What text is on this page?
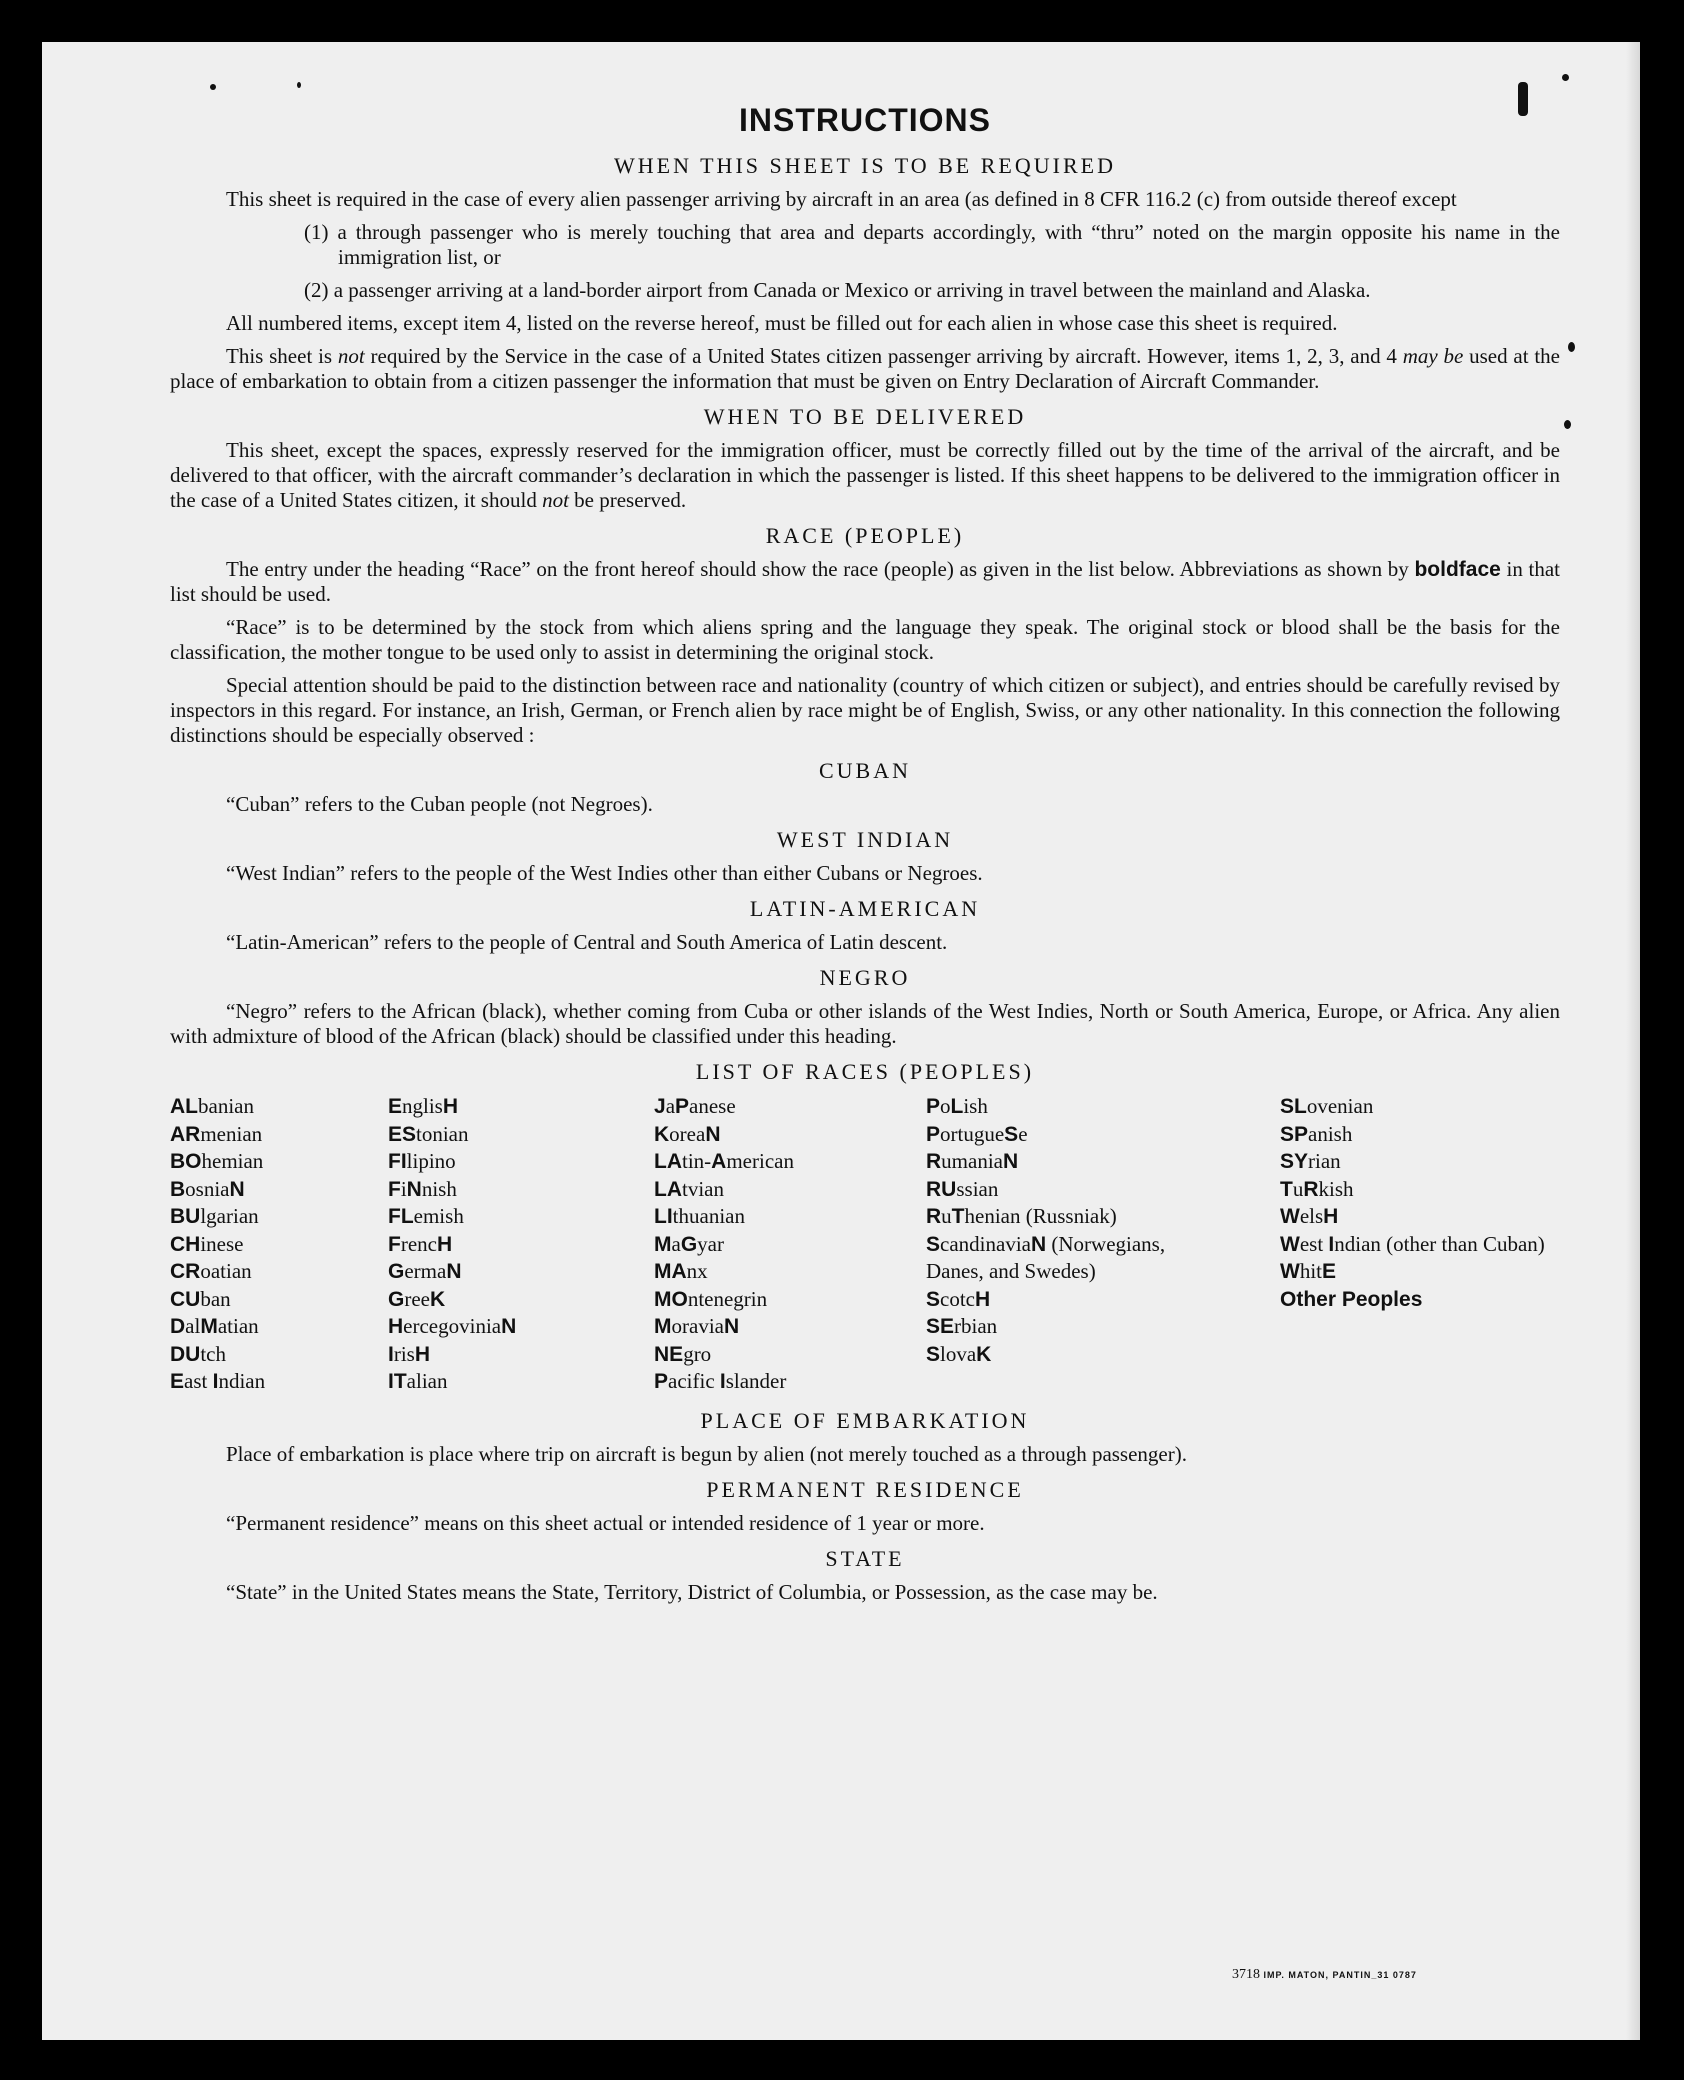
INSTRUCTIONS
WHEN THIS SHEET IS TO BE REQUIRED

This sheet is required in the case of every alien passenger arriving by aircraft in an area (as defined in 8 CFR 116.2 (c) from outside thereof except

(1) a through passenger who is merely touching that area and departs accordingly, with “thru” noted on the margin opposite his name in the immigration list, or

(2) a passenger arriving at a land-border airport from Canada or Mexico or arriving in travel between the mainland and Alaska.

All numbered items, except item 4, listed on the reverse hereof, must be filled out for each alien in whose case this sheet is required.

This sheet is not required by the Service in the case of a United States citizen passenger arriving by aircraft. However, items 1, 2, 3, and 4 may be used at the place of embarkation to obtain from a citizen passenger the information that must be given on Entry Declaration of Aircraft Commander.

WHEN TO BE DELIVERED

This sheet, except the spaces, expressly reserved for the immigration officer, must be correctly filled out by the time of the arrival of the aircraft, and be delivered to that officer, with the aircraft commander’s declaration in which the passenger is listed. If this sheet happens to be delivered to the immigration officer in the case of a United States citizen, it should not be preserved.

RACE (PEOPLE)

The entry under the heading “Race” on the front hereof should show the race (people) as given in the list below. Abbreviations as shown by boldface in that list should be used.

“Race” is to be determined by the stock from which aliens spring and the language they speak. The original stock or blood shall be the basis for the classification, the mother tongue to be used only to assist in determining the original stock.

Special attention should be paid to the distinction between race and nationality (country of which citizen or subject), and entries should be carefully revised by inspectors in this regard. For instance, an Irish, German, or French alien by race might be of English, Swiss, or any other nationality. In this connection the following distinctions should be especially observed :

CUBAN

“Cuban” refers to the Cuban people (not Negroes).

WEST INDIAN

“West Indian” refers to the people of the West Indies other than either Cubans or Negroes.

LATIN-AMERICAN

“Latin-American” refers to the people of Central and South America of Latin descent.

NEGRO

“Negro” refers to the African (black), whether coming from Cuba or other islands of the West Indies, North or South America, Europe, or Africa. Any alien with admixture of blood of the African (black) should be classified under this heading.

LIST OF RACES (PEOPLES)
ALbanian
ARmenian
BOhemian
BosniaN
BUlgarian
CHinese
CRoatian
CUban
DalMatian
DUtch
East Indian
EnglisH
EStonian
FIlipino
FiNnish
FLemish
FrencH
GermaN
GreeK
HercegoviniaN
IrisH
ITalian
JaPanese
KoreaN
LAtin-American
LAtvian
LIthuanian
MaGyar
MAnx
MOntenegrin
MoraviaN
NEgro
Pacific Islander
PoLish
PortugueSe
RumaniaN
RUssian
RuThenian (Russniak)
ScandinaviaN (Norwegians, Danes, and Swedes)
ScotcH
SErbian
SlovaK
SLovenian
SPanish
SYrian
TuRkish
WelsH
West Indian (other than Cuban)
WhitE
Other Peoples
PLACE OF EMBARKATION

Place of embarkation is place where trip on aircraft is begun by alien (not merely touched as a through passenger).

PERMANENT RESIDENCE

“Permanent residence” means on this sheet actual or intended residence of 1 year or more.

STATE

“State” in the United States means the State, Territory, District of Columbia, or Possession, as the case may be.

3718 IMP. MATON, PANTIN_31 0787
